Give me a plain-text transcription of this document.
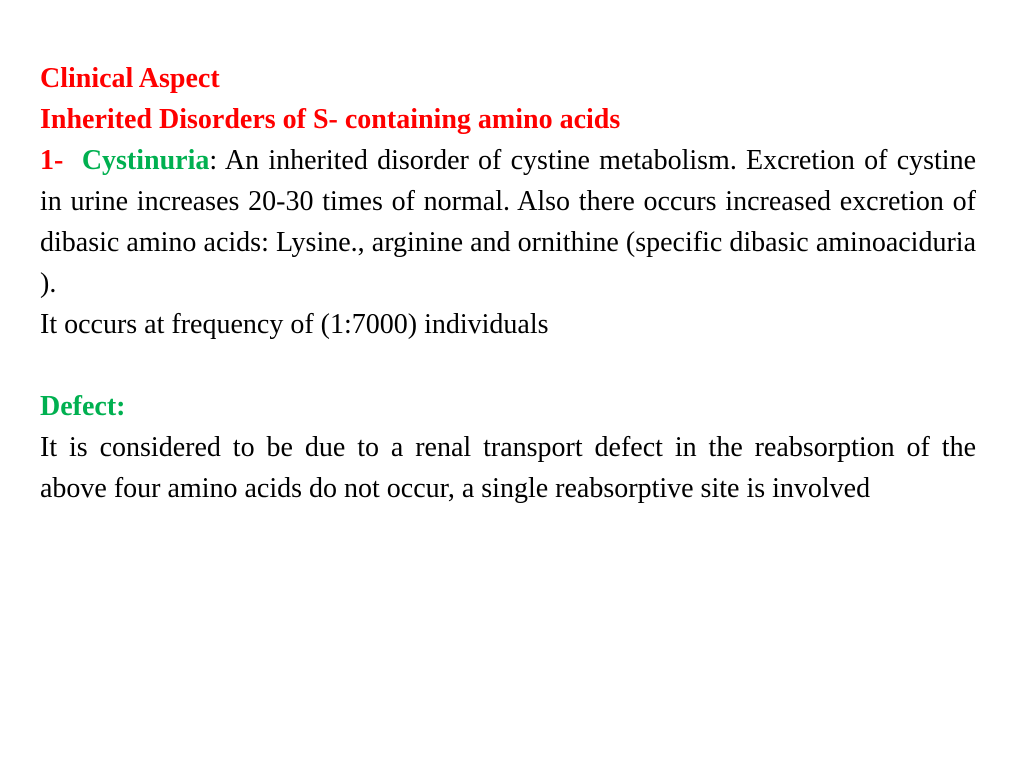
Clinical Aspect

Inherited Disorders of S- containing amino acids

1- Cystinuria: An inherited disorder of cystine metabolism. Excretion of cystine in urine increases 20-30 times of normal. Also there occurs increased excretion of dibasic amino acids: Lysine., arginine and ornithine (specific dibasic aminoaciduria ).

It occurs at frequency of (1:7000) individuals

Defect:

It is considered to be due to a renal transport defect in the reabsorption of the above four amino acids do not occur, a single reabsorptive site is involved
